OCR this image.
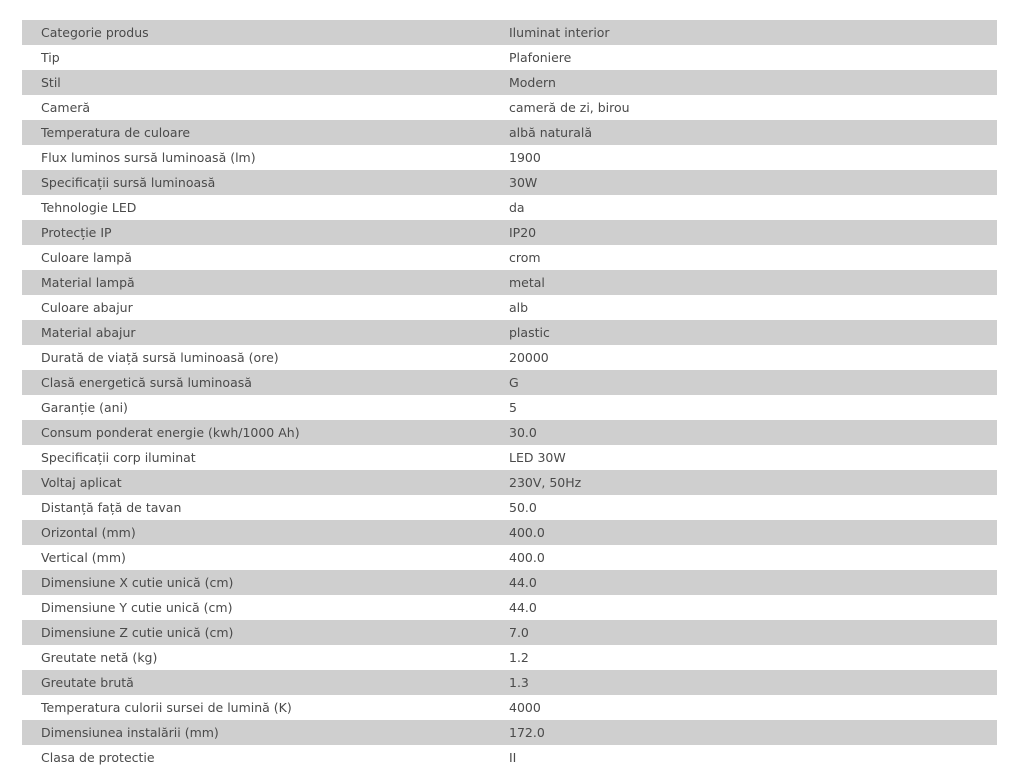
Categorie produs	Iluminat interior
Tip	Plafoniere
Stil	Modern
Cameră	cameră de zi, birou
Temperatura de culoare	albă naturală
Flux luminos sursă luminoasă (lm)	1900
Specificații sursă luminoasă	30W
Tehnologie LED	da
Protecție IP	IP20
Culoare lampă	crom
Material lampă	metal
Culoare abajur	alb
Material abajur	plastic
Durată de viață sursă luminoasă (ore)	20000
Clasă energetică sursă luminoasă	G
Garanție (ani)	5
Consum ponderat energie (kwh/1000 Ah)	30.0
Specificații corp iluminat	LED 30W
Voltaj aplicat	230V, 50Hz
Distanță față de tavan	50.0
Orizontal (mm)	400.0
Vertical (mm)	400.0
Dimensiune X cutie unică (cm)	44.0
Dimensiune Y cutie unică (cm)	44.0
Dimensiune Z cutie unică (cm)	7.0
Greutate netă (kg)	1.2
Greutate brută	1.3
Temperatura culorii sursei de lumină (K)	4000
Dimensiunea instalării (mm)	172.0
Clasa de protectie	II
